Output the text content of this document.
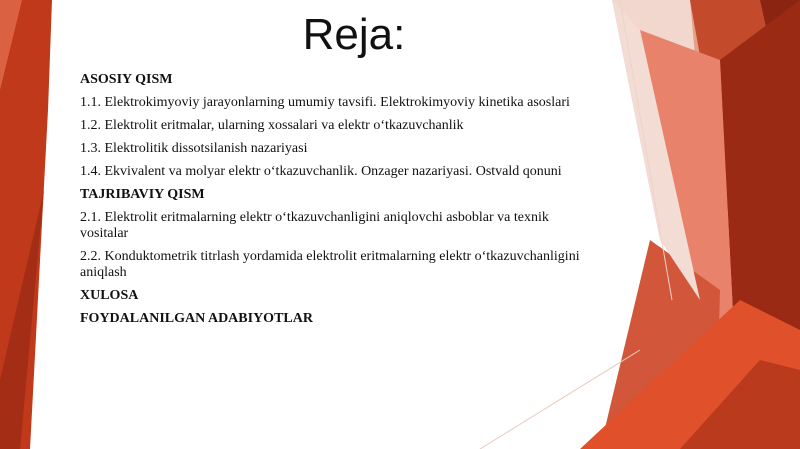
Reja:

ASOSIY QISM

1.1. Elektrokimyoviy jarayonlarning umumiy tavsifi. Elektrokimyoviy kinetika asoslari

1.2. Elektrolit eritmalar, ularning xossalari va elektr o‘tkazuvchanlik

1.3. Elektrolitik dissotsilanish nazariyasi

1.4. Ekvivalent va molyar elektr o‘tkazuvchanlik. Onzager nazariyasi. Ostvald qonuni

TAJRIBAVIY QISM

2.1. Elektrolit eritmalarning elektr o‘tkazuvchanligini aniqlovchi asboblar va texnik vositalar

2.2. Konduktometrik titrlash yordamida elektrolit eritmalarning elektr o‘tkazuvchanligini aniqlash

XULOSA

FOYDALANILGAN ADABIYOTLAR
